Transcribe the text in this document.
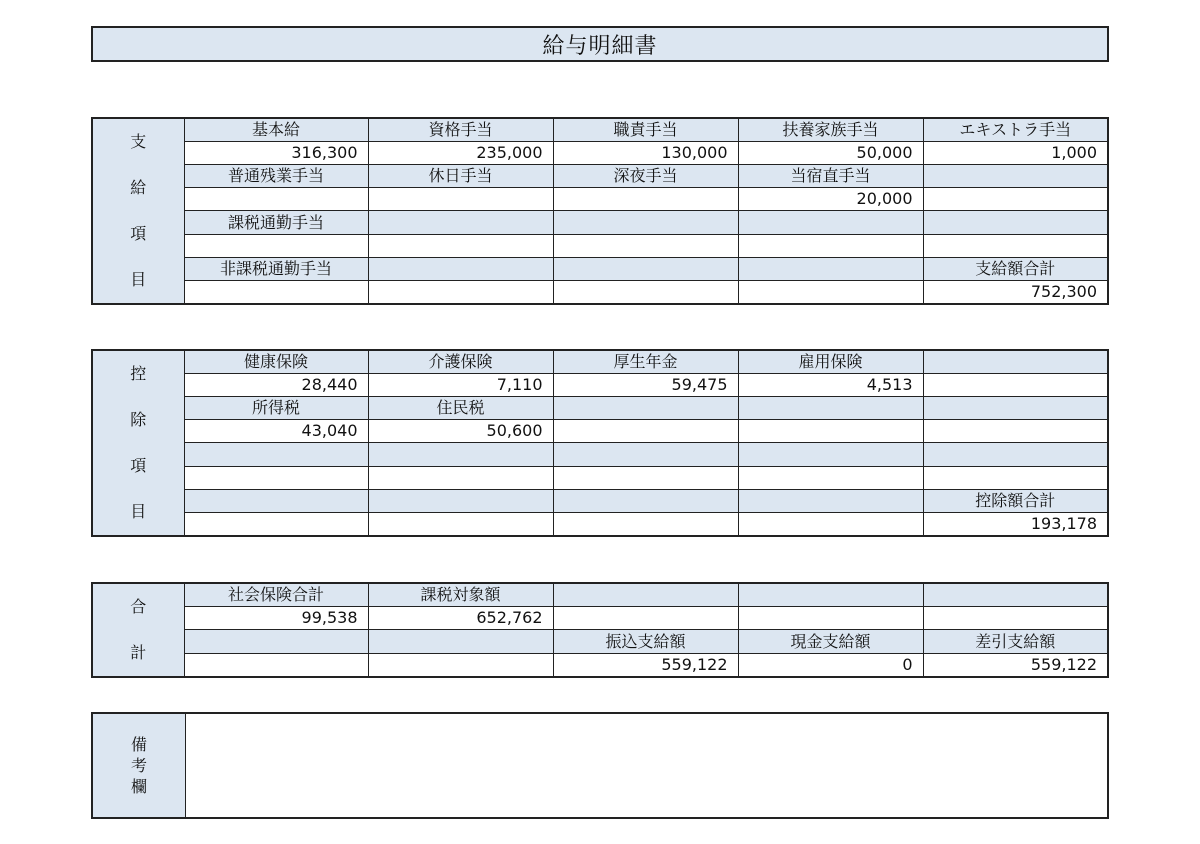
給与明細書
支
給
項
目	基本給	資格手当	職責手当	扶養家族手当	エキストラ手当
	316,300	235,000	130,000	50,000	1,000
	普通残業手当	休日手当	深夜手当	当宿直手当	
				20,000	
	課税通勤手当				

	非課税通勤手当				支給額合計
					752,300
控
除
項
目	健康保険	介護保険	厚生年金	雇用保険	
	28,440	7,110	59,475	4,513	
	所得税	住民税			
	43,040	50,600			

					控除額合計
					193,178
合
計	社会保険合計	課税対象額			
	99,538	652,762			
			振込支給額	現金支給額	差引支給額
			559,122	0	559,122
備
考
欄
